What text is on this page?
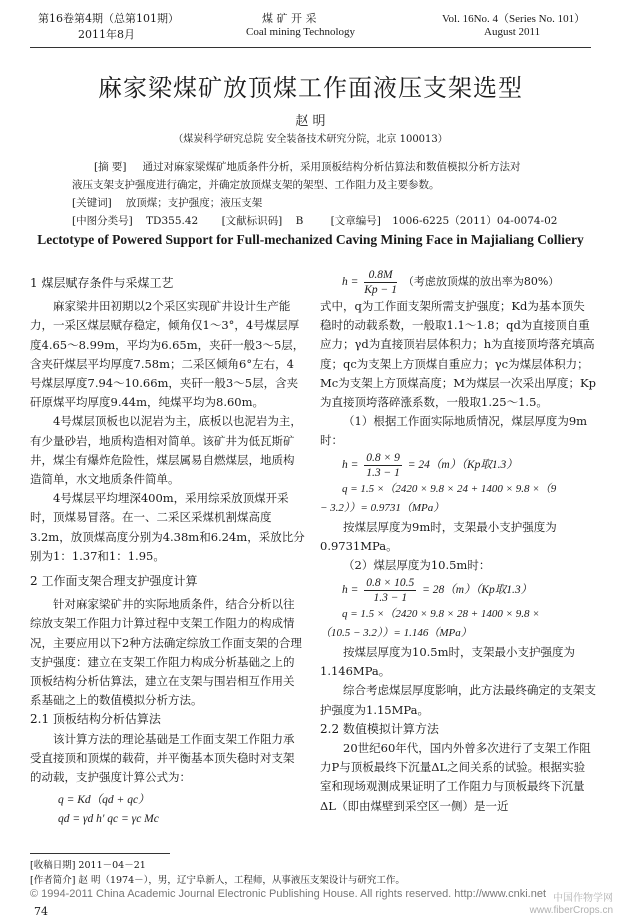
第16卷第4期（总第101期）
2011年8月
煤 矿 开 采
Coal mining Technology
Vol. 16No. 4（Series No. 101）
August 2011
麻家梁煤矿放顶煤工作面液压支架选型
赵 明
（煤炭科学研究总院 安全装备技术研究分院，北京 100013）
[摘 要] 通过对麻家梁煤矿地质条件分析，采用顶板结构分析估算法和数值模拟分析方法对
液压支架支护强度进行确定，并确定放顶煤支架的架型、工作阻力及主要参数。
[关键词] 放顶煤；支护强度；液压支架
[中图分类号] TD355.42 [文献标识码] B	[文章编号] 1006-6225（2011）04-0074-02
Lectotype of Powered Support for Full-mechanized Caving Mining Face in Majialiang Colliery

1 煤层赋存条件与采煤工艺

麻家梁井田初期以2个采区实现矿井设计生产能力，一采区煤层赋存稳定，倾角仅1～3°，4号煤层厚度4.65～8.99m，平均为6.65m，夹矸一般3～5层，含夹矸煤层平均厚度7.58m；二采区倾角6°左右，4号煤层厚度7.94～10.66m，夹矸一般3～5层，含夹矸原煤平均厚度9.44m，纯煤平均为8.60m。

4号煤层顶板也以泥岩为主，底板以也泥岩为主，有少量砂岩，地质构造相对简单。该矿井为低瓦斯矿井，煤尘有爆炸危险性，煤层属易自燃煤层，地质构造简单，水文地质条件简单。

4号煤层平均埋深400m，采用综采放顶煤开采时，顶煤易冒落。在一、二采区采煤机割煤高度3.2m，放顶煤高度分别为4.38m和6.24m，采放比分别为1：1.37和1：1.95。

2 工作面支架合理支护强度计算

针对麻家梁矿井的实际地质条件，结合分析以往综放支架工作阻力计算过程中支架工作阻力的构成情况，主要应用以下2种方法确定综放工作面支架的合理支护强度：建立在支架工作阻力构成分析基础之上的顶板结构分析估算法，建立在支架与围岩相互作用关系基础之上的数值模拟分析方法。

2.1 顶板结构分析估算法

该计算方法的理论基础是工作面支架工作阻力承受直接顶和顶煤的载荷，并平衡基本顶失稳时对支架的动载，支护强度计算公式为：

q = Kd（qd + qc）

qd = γd h′ qc = γc Mc

$h = \frac{0.8M}{Kp - 1}$ （考虑放顶煤的放出率为80%）

式中，q为工作面支架所需支护强度；Kd为基本顶失稳时的动载系数，一般取1.1～1.8；qd为直接顶自重应力；γd为直接顶岩层体积力；h为直接顶垮落充填高度；qc为支架上方顶煤自重应力；γc为煤层体积力；Mc为支架上方顶煤高度；M为煤层一次采出厚度；Kp为直接顶垮落碎涨系数，一般取1.25～1.5。

（1）根据工作面实际地质情况，煤层厚度为9m时：

$h = \frac{0.8 \times 9}{1.3 - 1} = 24(m)(Kp$取1.3）

q = 1.5 ×（2420 × 9.8 × 24 + 1400 × 9.8 ×（9

− 3.2））= 0.9731（MPa）

按煤层厚度为9m时，支架最小支护强度为0.9731MPa。

（2）煤层厚度为10.5m时：

$h = \frac{0.8 \times 10.5}{1.3 - 1} = 28(m)(Kp$取1.3）

q = 1.5 ×（2420 × 9.8 × 28 + 1400 × 9.8 ×

（10.5 − 3.2））= 1.146（MPa）

按煤层厚度为10.5m时，支架最小支护强度为1.146MPa。

综合考虑煤层厚度影响，此方法最终确定的支架支护强度为1.15MPa。

2.2 数值模拟计算方法

20世纪60年代，国内外曾多次进行了支架工作阻力P与顶板最终下沉量ΔL之间关系的试验。根据实验室和现场观测成果证明了工作阻力与顶板最终下沉量ΔL（即由煤壁到采空区一侧）是一近

[收稿日期] 2011－04－21
[作者简介] 赵 明（1974－），男，辽宁阜新人，工程师，从事液压支架设计与研究工作。
© 1994-2011 China Academic Journal Electronic Publishing House. All rights reserved. http://www.cnki.net
74
中国作物学网
www.fiberCrops.cn
